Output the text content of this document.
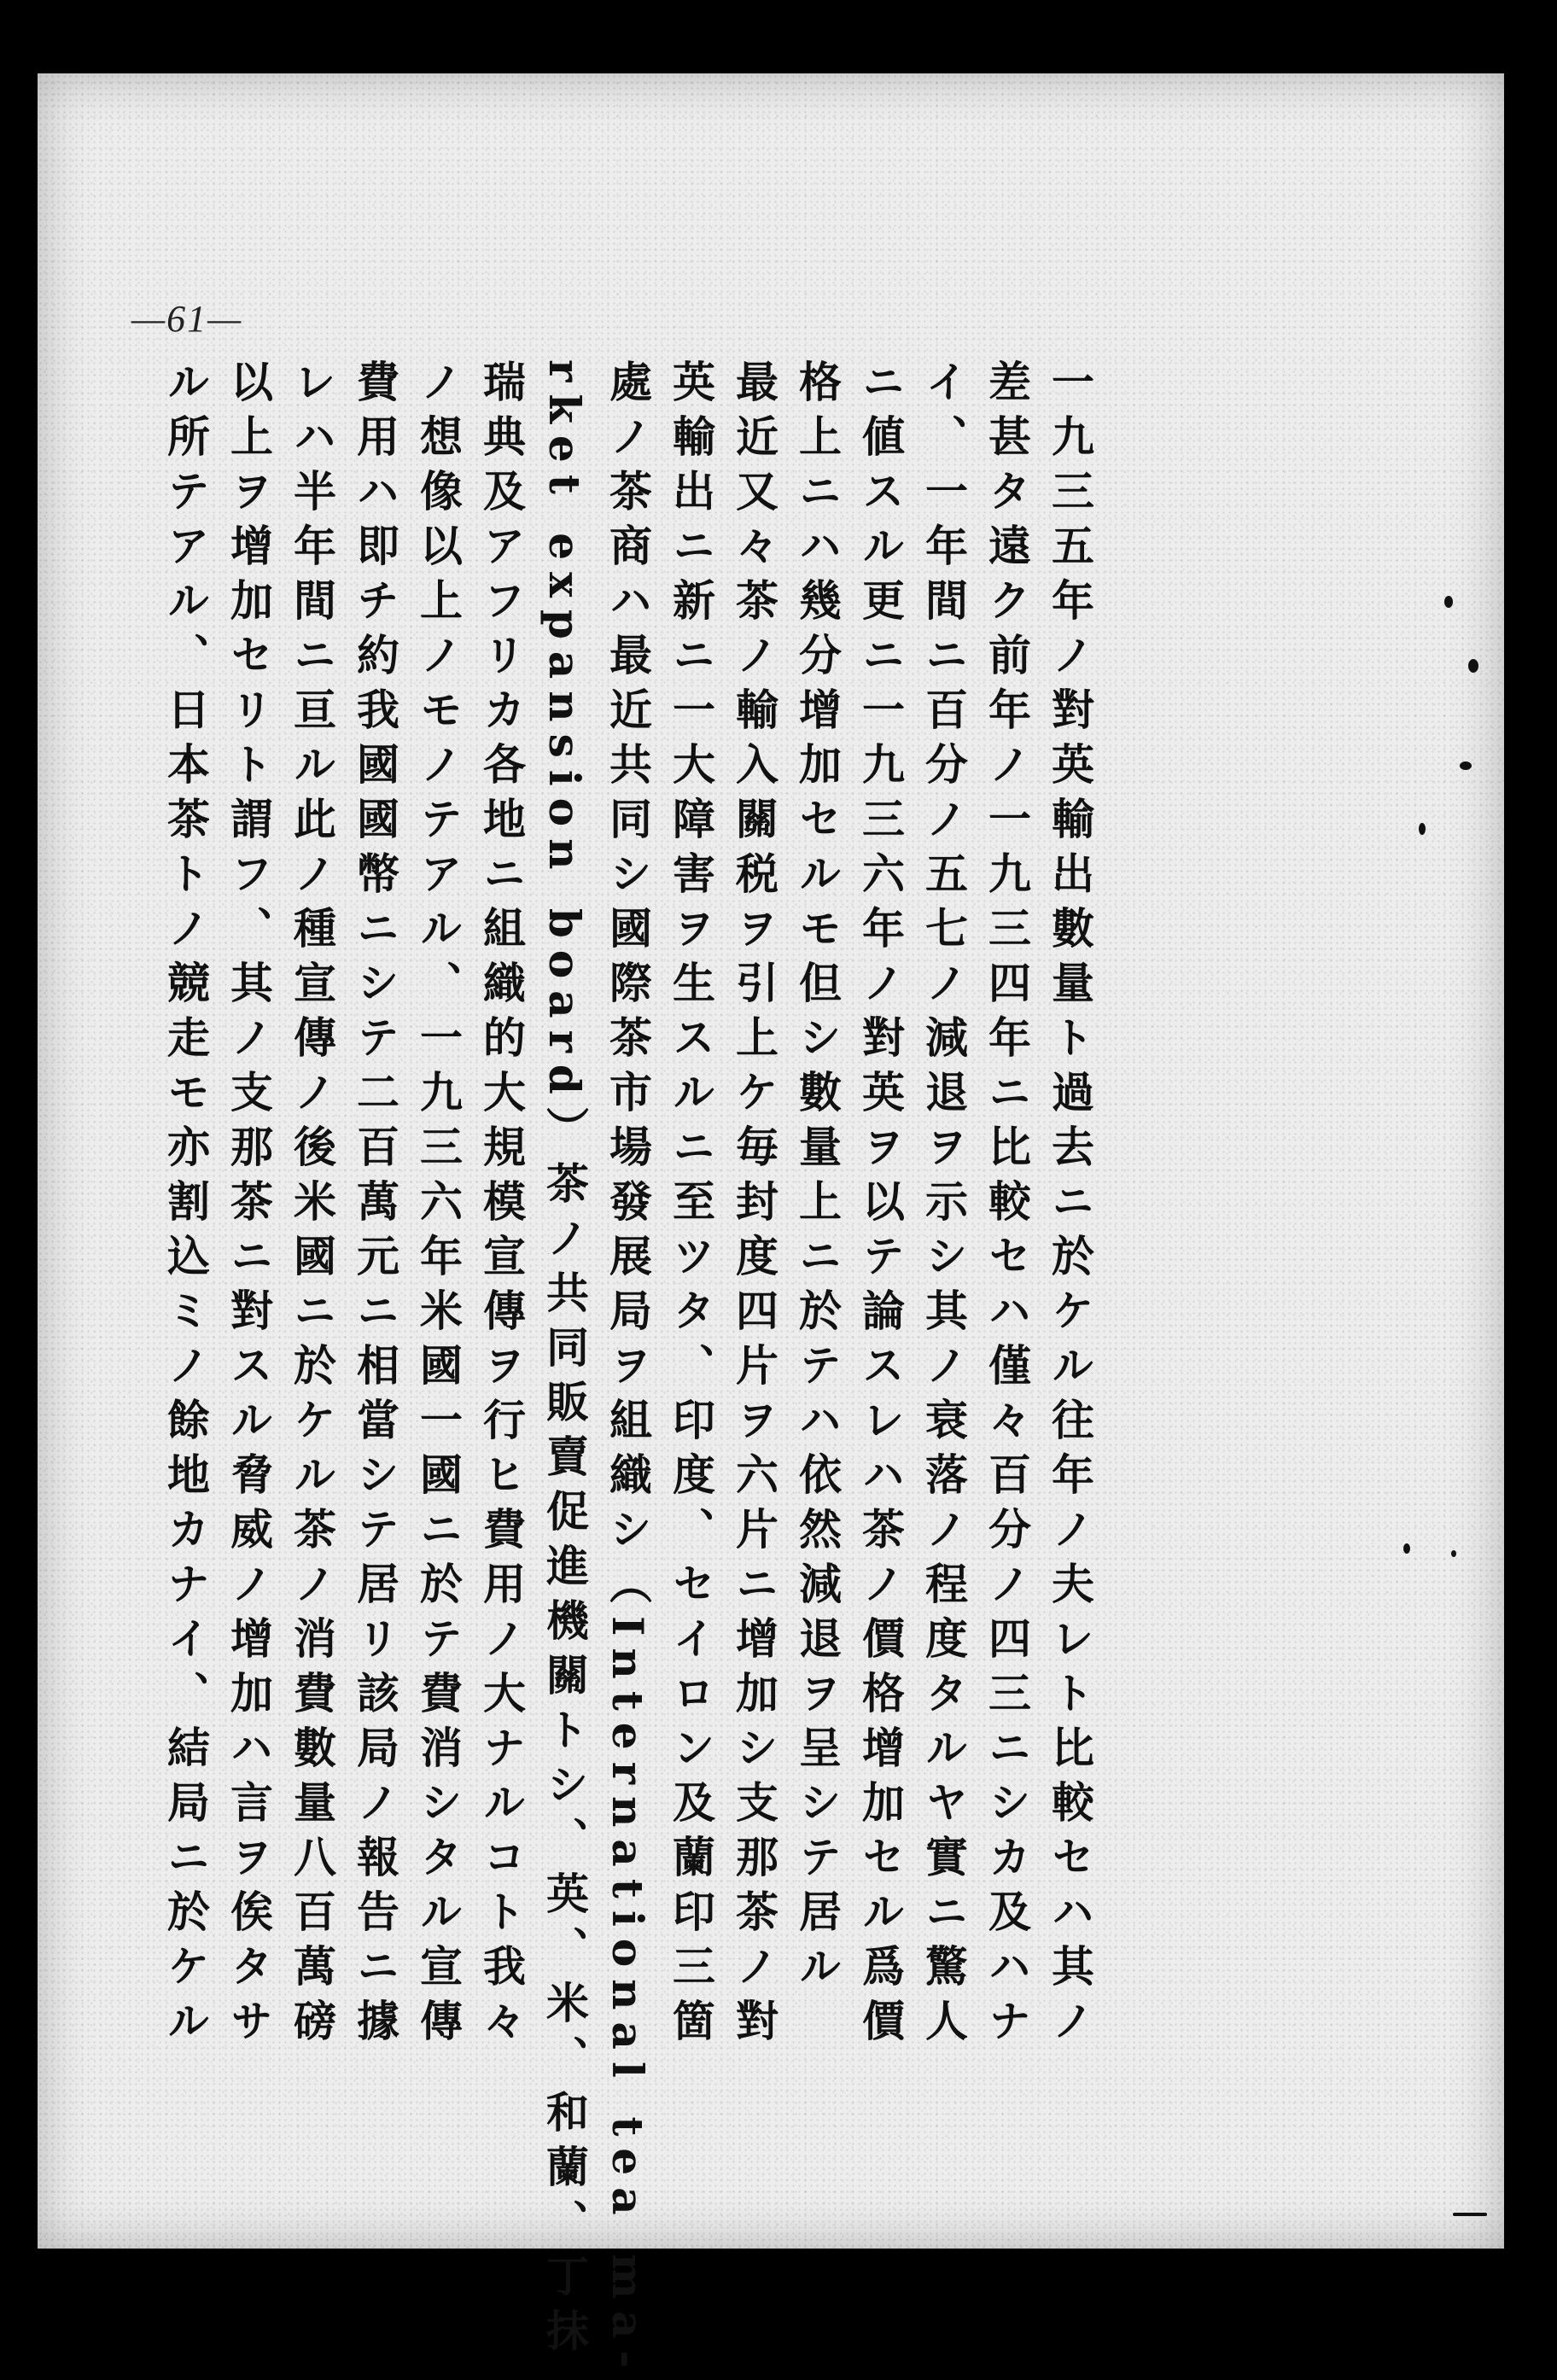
—61—
一九三五年ノ對英輸出數量ト過去ニ於ケル往年ノ夫レト比較セハ其ノ
差甚タ遠ク前年ノ一九三四年ニ比較セハ僅々百分ノ四三ニシカ及ハナ
イ、一年間ニ百分ノ五七ノ減退ヲ示シ其ノ衰落ノ程度タルヤ實ニ驚人
ニ値スル更ニ一九三六年ノ對英ヲ以テ論スレハ茶ノ價格增加セル爲價
格上ニハ幾分增加セルモ但シ數量上ニ於テハ依然減退ヲ呈シテ居ル
最近又々茶ノ輸入關税ヲ引上ケ毎封度四片ヲ六片ニ增加シ支那茶ノ對
英輸出ニ新ニ一大障害ヲ生スルニ至ツタ、印度、セイロン及蘭印三箇
處ノ茶商ハ最近共同シ國際茶市場發展局ヲ組織シ（International tea ma-
rket expansion board）茶ノ共同販賣促進機關トシ、英、米、和蘭、丁抹
瑞典及アフリカ各地ニ組織的大規模宣傳ヲ行ヒ費用ノ大ナルコト我々
ノ想像以上ノモノテアル、一九三六年米國一國ニ於テ費消シタル宣傳
費用ハ即チ約我國國幣ニシテ二百萬元ニ相當シテ居リ該局ノ報告ニ據
レハ半年間ニ亘ル此ノ種宣傳ノ後米國ニ於ケル茶ノ消費數量八百萬磅
以上ヲ增加セリト謂フ、其ノ支那茶ニ對スル脅威ノ增加ハ言ヲ俟タサ
ル所テアル、日本茶トノ競走モ亦割込ミノ餘地カナイ、結局ニ於ケル
